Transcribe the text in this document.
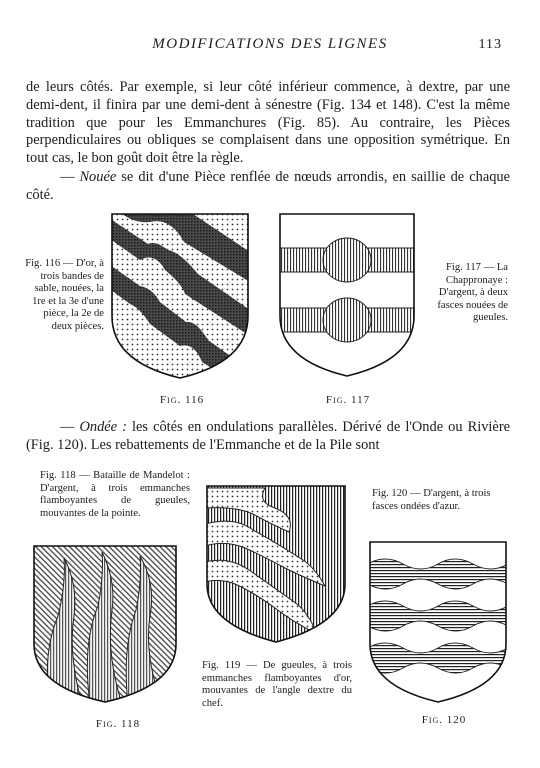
MODIFICATIONS DES LIGNES	113
de leurs côtés. Par exemple, si leur côté inférieur commence, à dextre, par une demi-dent, il finira par une demi-dent à sénestre (Fig. 134 et 148). C'est la même tradition que pour les Emmanchures (Fig. 85). Au contraire, les Pièces perpendiculaires ou obliques se complaisent dans une opposition symétrique. En tout cas, le bon goût doit être la règle.
— Nouée se dit d'une Pièce renflée de nœuds arrondis, en saillie de chaque côté.
Fig. 116 — D'or, à trois bandes de sable, nouées, la 1re et la 3e d'une pièce, la 2e de deux pièces.
Fig. 117 — La Chappronaye : D'argent, à deux fasces nouées de gueules.
Fig. 116	Fig. 117
— Ondée : les côtés en ondulations parallèles. Dérivé de l'Onde ou Rivière (Fig. 120). Les rebattements de l'Emmanche et de la Pile sont
Fig. 118 — Bataille de Mandelot : D'argent, à trois emmanches flamboyantes de gueules, mouvantes de la pointe.
Fig. 120 — D'argent, à trois fasces ondées d'azur.
Fig. 119 — De gueules, à trois emmanches flamboyantes d'or, mouvantes de l'angle dextre du chef.
Fig. 118	Fig. 120
